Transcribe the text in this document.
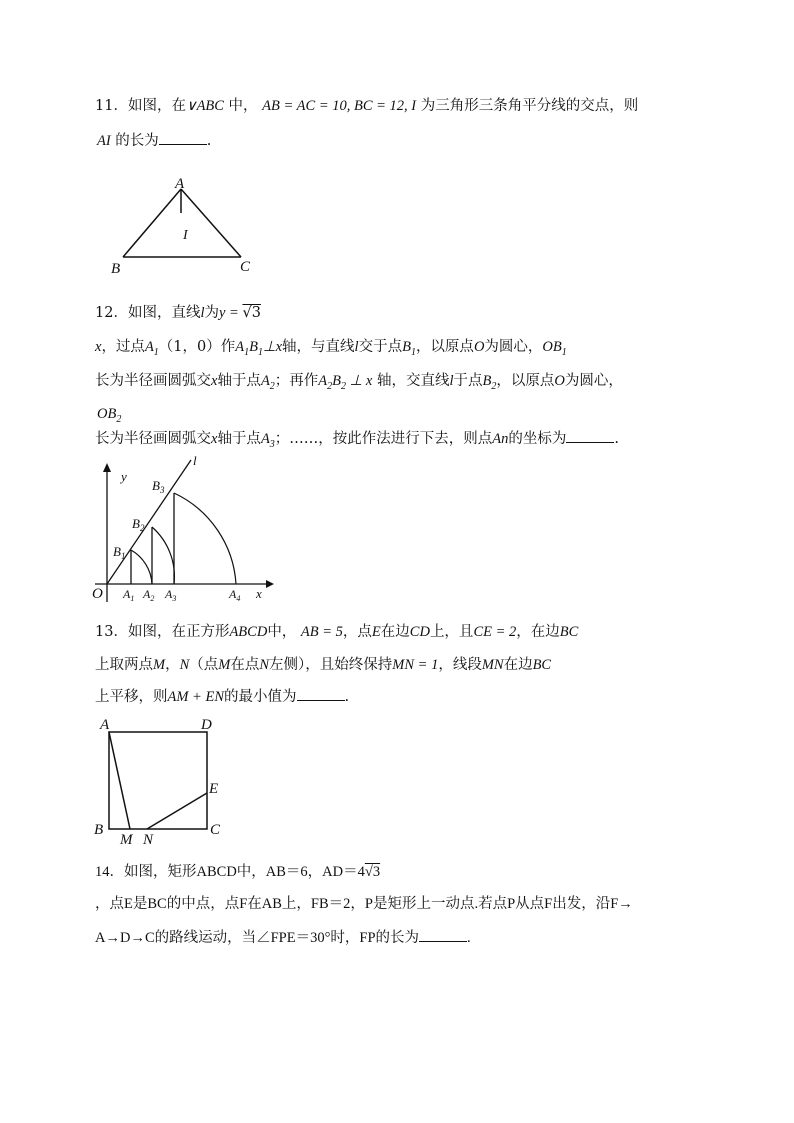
11．如图，在∨ABC 中， AB = AC = 10, BC = 12, I 为三角形三条角平分线的交点，则
AI 的长为	.
A
I
B	C
12．如图，直线l为y = √3
x，过点$A_1(1$，0）作$A_1B_1\perp x$轴，与直线l交于点$B_1$，以原点O为圆心，$OB_1$
长为半径画圆弧交x轴于点$A_2$；再作$A_2B_2$ ⊥ x 轴，交直线l于点$B_2$，以原点O为圆心，
$OB_2$
长为半径画圆弧交x轴于点$A_3$；……，按此作法进行下去，则点An的坐标为	.
y
l
O	x
$B_1$
$B_2$
$B_3$
$A_1$ $A_2$ $A_3$	$A_4$
13．如图，在正方形ABCD中， AB = 5，点E在边CD上，且CE = 2，在边BC
上取两点M，N（点M在点N左侧），且始终保持MN = 1，线段MN在边BC
上平移，则AM + EN的最小值为	.
A	D
E
B
M N
C
14．如图，矩形ABCD中，AB＝6，AD＝4√3
，点E是BC的中点，点F在AB上，FB＝2，P是矩形上一动点.若点P从点F出发，沿F→
A→D→C的路线运动，当∠FPE＝30°时，FP的长为	.
